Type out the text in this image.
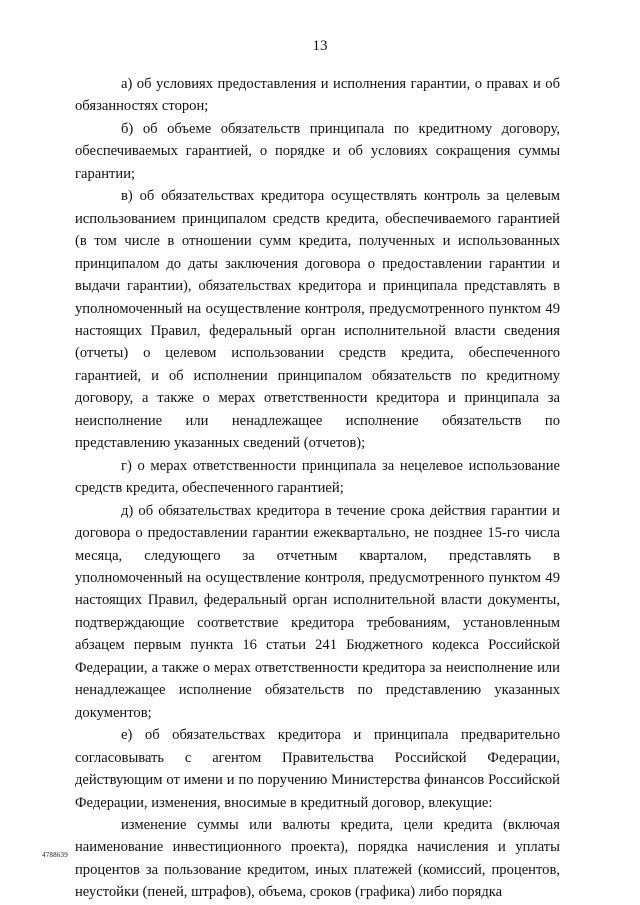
13

а) об условиях предоставления и исполнения гарантии, о правах и об обязанностях сторон;

б) об объеме обязательств принципала по кредитному договору, обеспечиваемых гарантией, о порядке и об условиях сокращения суммы гарантии;

в) об обязательствах кредитора осуществлять контроль за целевым использованием принципалом средств кредита, обеспечиваемого гарантией (в том числе в отношении сумм кредита, полученных и использованных принципалом до даты заключения договора о предоставлении гарантии и выдачи гарантии), обязательствах кредитора и принципала представлять в уполномоченный на осуществление контроля, предусмотренного пунктом 49 настоящих Правил, федеральный орган исполнительной власти сведения (отчеты) о целевом использовании средств кредита, обеспеченного гарантией, и об исполнении принципалом обязательств по кредитному договору, а также о мерах ответственности кредитора и принципала за неисполнение или ненадлежащее исполнение обязательств по представлению указанных сведений (отчетов);

г) о мерах ответственности принципала за нецелевое использование средств кредита, обеспеченного гарантией;

д) об обязательствах кредитора в течение срока действия гарантии и договора о предоставлении гарантии ежеквартально, не позднее 15-го числа месяца, следующего за отчетным кварталом, представлять в уполномоченный на осуществление контроля, предусмотренного пунктом 49 настоящих Правил, федеральный орган исполнительной власти документы, подтверждающие соответствие кредитора требованиям, установленным абзацем первым пункта 16 статьи 241 Бюджетного кодекса Российской Федерации, а также о мерах ответственности кредитора за неисполнение или ненадлежащее исполнение обязательств по представлению указанных документов;

е) об обязательствах кредитора и принципала предварительно согласовывать с агентом Правительства Российской Федерации, действующим от имени и по поручению Министерства финансов Российской Федерации, изменения, вносимые в кредитный договор, влекущие:

изменение суммы или валюты кредита, цели кредита (включая наименование инвестиционного проекта), порядка начисления и уплаты процентов за пользование кредитом, иных платежей (комиссий, процентов, неустойки (пеней, штрафов), объема, сроков (графика) либо порядка

4788639
